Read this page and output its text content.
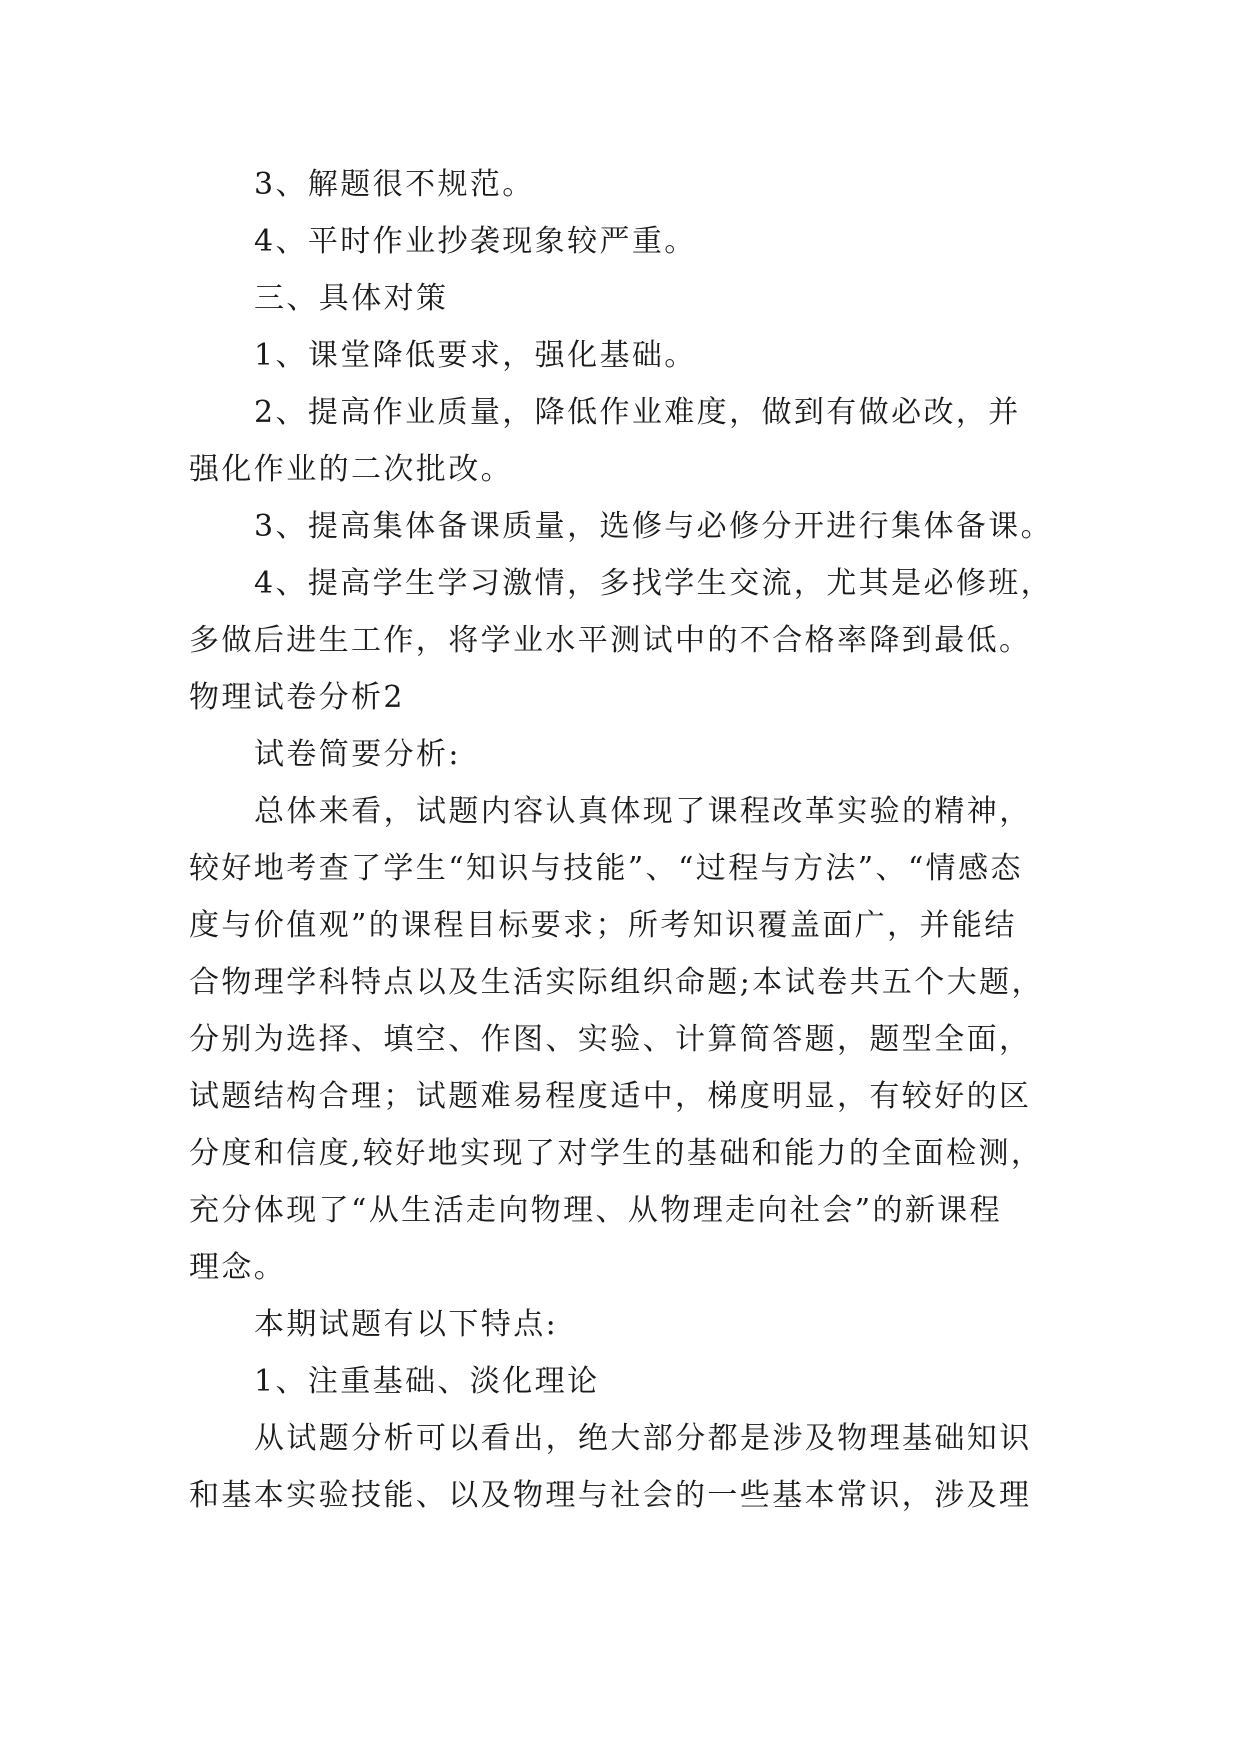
3、解题很不规范。
4、平时作业抄袭现象较严重。
三、具体对策
1、课堂降低要求，强化基础。
2、提高作业质量，降低作业难度，做到有做必改，并
强化作业的二次批改。
3、提高集体备课质量，选修与必修分开进行集体备课。
4、提高学生学习激情，多找学生交流，尤其是必修班，
多做后进生工作，将学业水平测试中的不合格率降到最低。
物理试卷分析2
试卷简要分析:
总体来看，试题内容认真体现了课程改革实验的精神，
较好地考查了学生“知识与技能”、“过程与方法”、“情感态
度与价值观”的课程目标要求；所考知识覆盖面广，并能结
合物理学科特点以及生活实际组织命题;本试卷共五个大题，
分别为选择、填空、作图、实验、计算简答题，题型全面，
试题结构合理；试题难易程度适中，梯度明显，有较好的区
分度和信度,较好地实现了对学生的基础和能力的全面检测，
充分体现了“从生活走向物理、从物理走向社会”的新课程
理念。
本期试题有以下特点:
1、注重基础、淡化理论
从试题分析可以看出，绝大部分都是涉及物理基础知识
和基本实验技能、以及物理与社会的一些基本常识，涉及理
